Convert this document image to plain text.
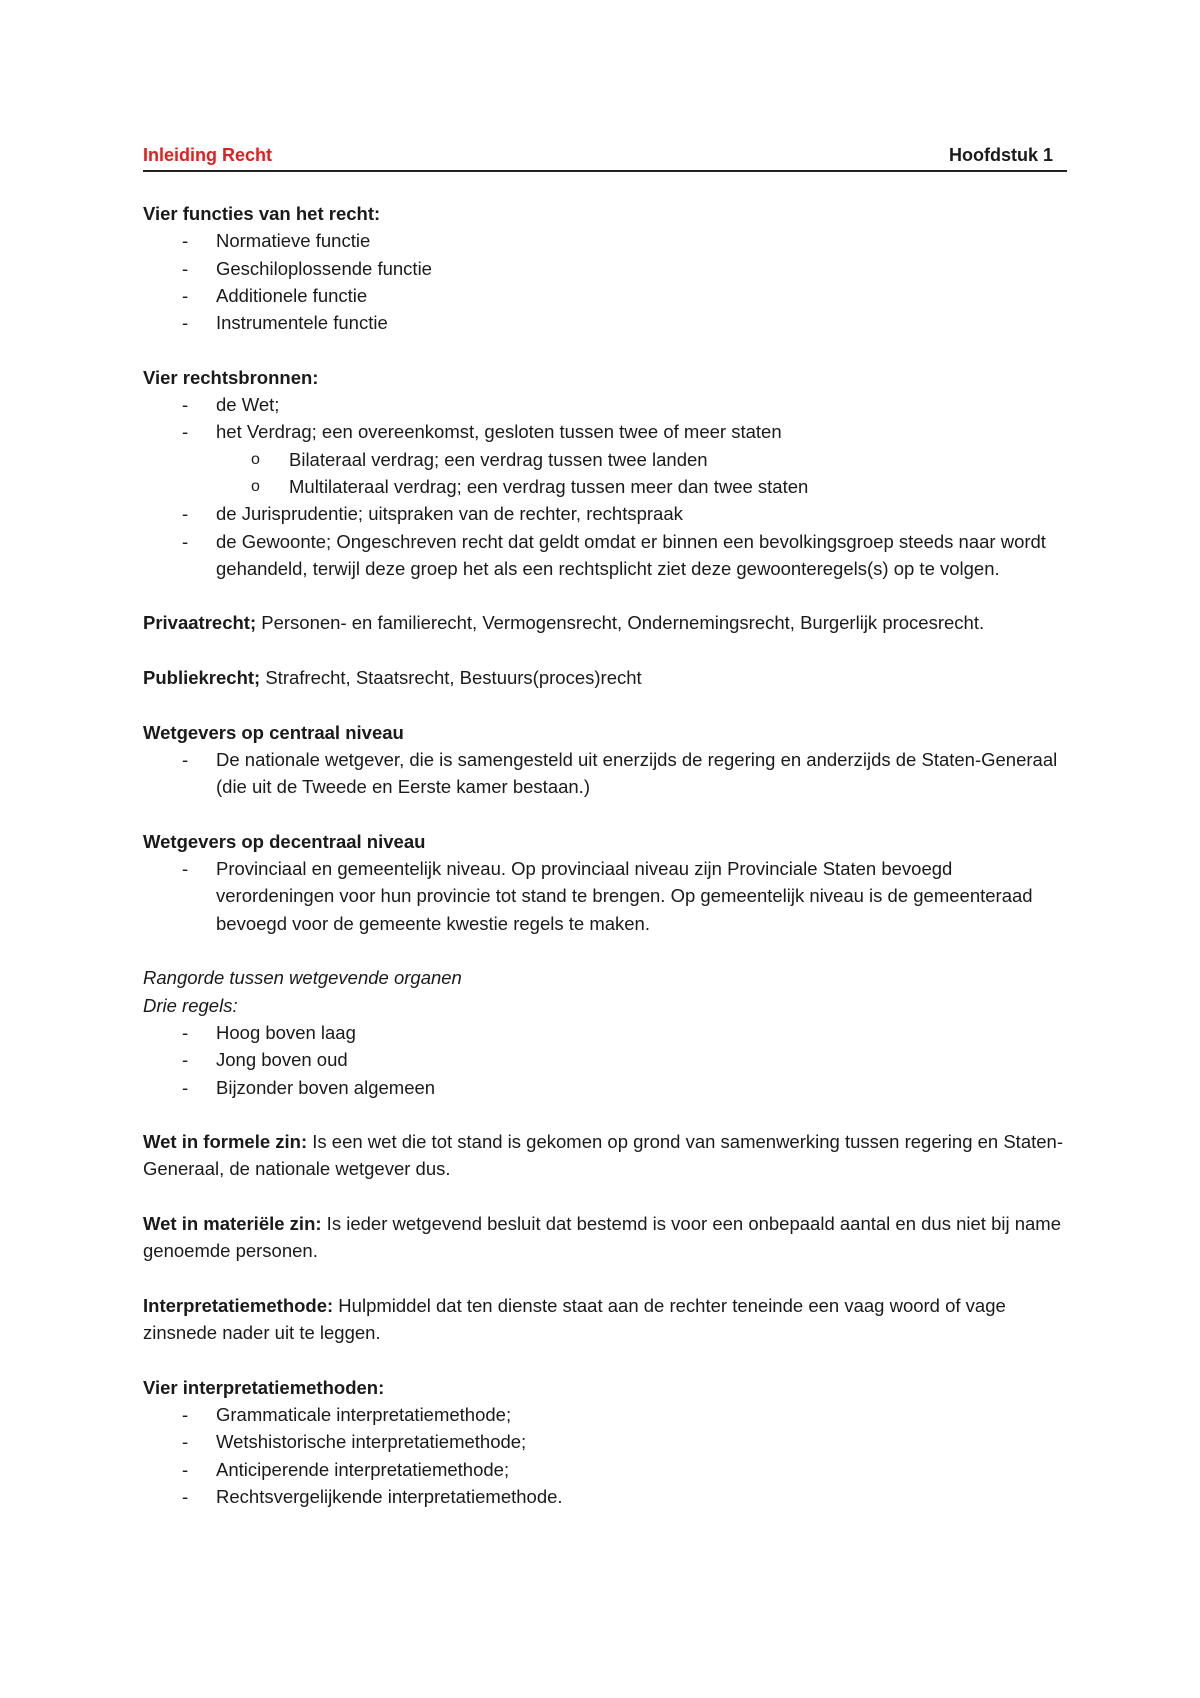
Inleiding Recht	Hoofdstuk 1

Vier functies van het recht:

- Normatieve functie
- Geschiloplossende functie
- Additionele functie
- Instrumentele functie

Vier rechtsbronnen:

- de Wet;
- het Verdrag; een overeenkomst, gesloten tussen twee of meer staten
o Bilateraal verdrag; een verdrag tussen twee landen
o Multilateraal verdrag; een verdrag tussen meer dan twee staten
- de Jurisprudentie; uitspraken van de rechter, rechtspraak
- de Gewoonte; Ongeschreven recht dat geldt omdat er binnen een bevolkingsgroep steeds naar wordt gehandeld, terwijl deze groep het als een rechtsplicht ziet deze gewoonteregels(s) op te volgen.

Privaatrecht; Personen- en familierecht, Vermogensrecht, Ondernemingsrecht, Burgerlijk procesrecht.

Publiekrecht; Strafrecht, Staatsrecht, Bestuurs(proces)recht

Wetgevers op centraal niveau

- De nationale wetgever, die is samengesteld uit enerzijds de regering en anderzijds de Staten-Generaal (die uit de Tweede en Eerste kamer bestaan.)

Wetgevers op decentraal niveau

- Provinciaal en gemeentelijk niveau. Op provinciaal niveau zijn Provinciale Staten bevoegd verordeningen voor hun provincie tot stand te brengen. Op gemeentelijk niveau is de gemeenteraad bevoegd voor de gemeente kwestie regels te maken.

Rangorde tussen wetgevende organen

Drie regels:

- Hoog boven laag
- Jong boven oud
- Bijzonder boven algemeen

Wet in formele zin: Is een wet die tot stand is gekomen op grond van samenwerking tussen regering en Staten-Generaal, de nationale wetgever dus.

Wet in materiële zin: Is ieder wetgevend besluit dat bestemd is voor een onbepaald aantal en dus niet bij name genoemde personen.

Interpretatiemethode: Hulpmiddel dat ten dienste staat aan de rechter teneinde een vaag woord of vage zinsnede nader uit te leggen.

Vier interpretatiemethoden:

- Grammaticale interpretatiemethode;
- Wetshistorische interpretatiemethode;
- Anticiperende interpretatiemethode;
- Rechtsvergelijkende interpretatiemethode.
